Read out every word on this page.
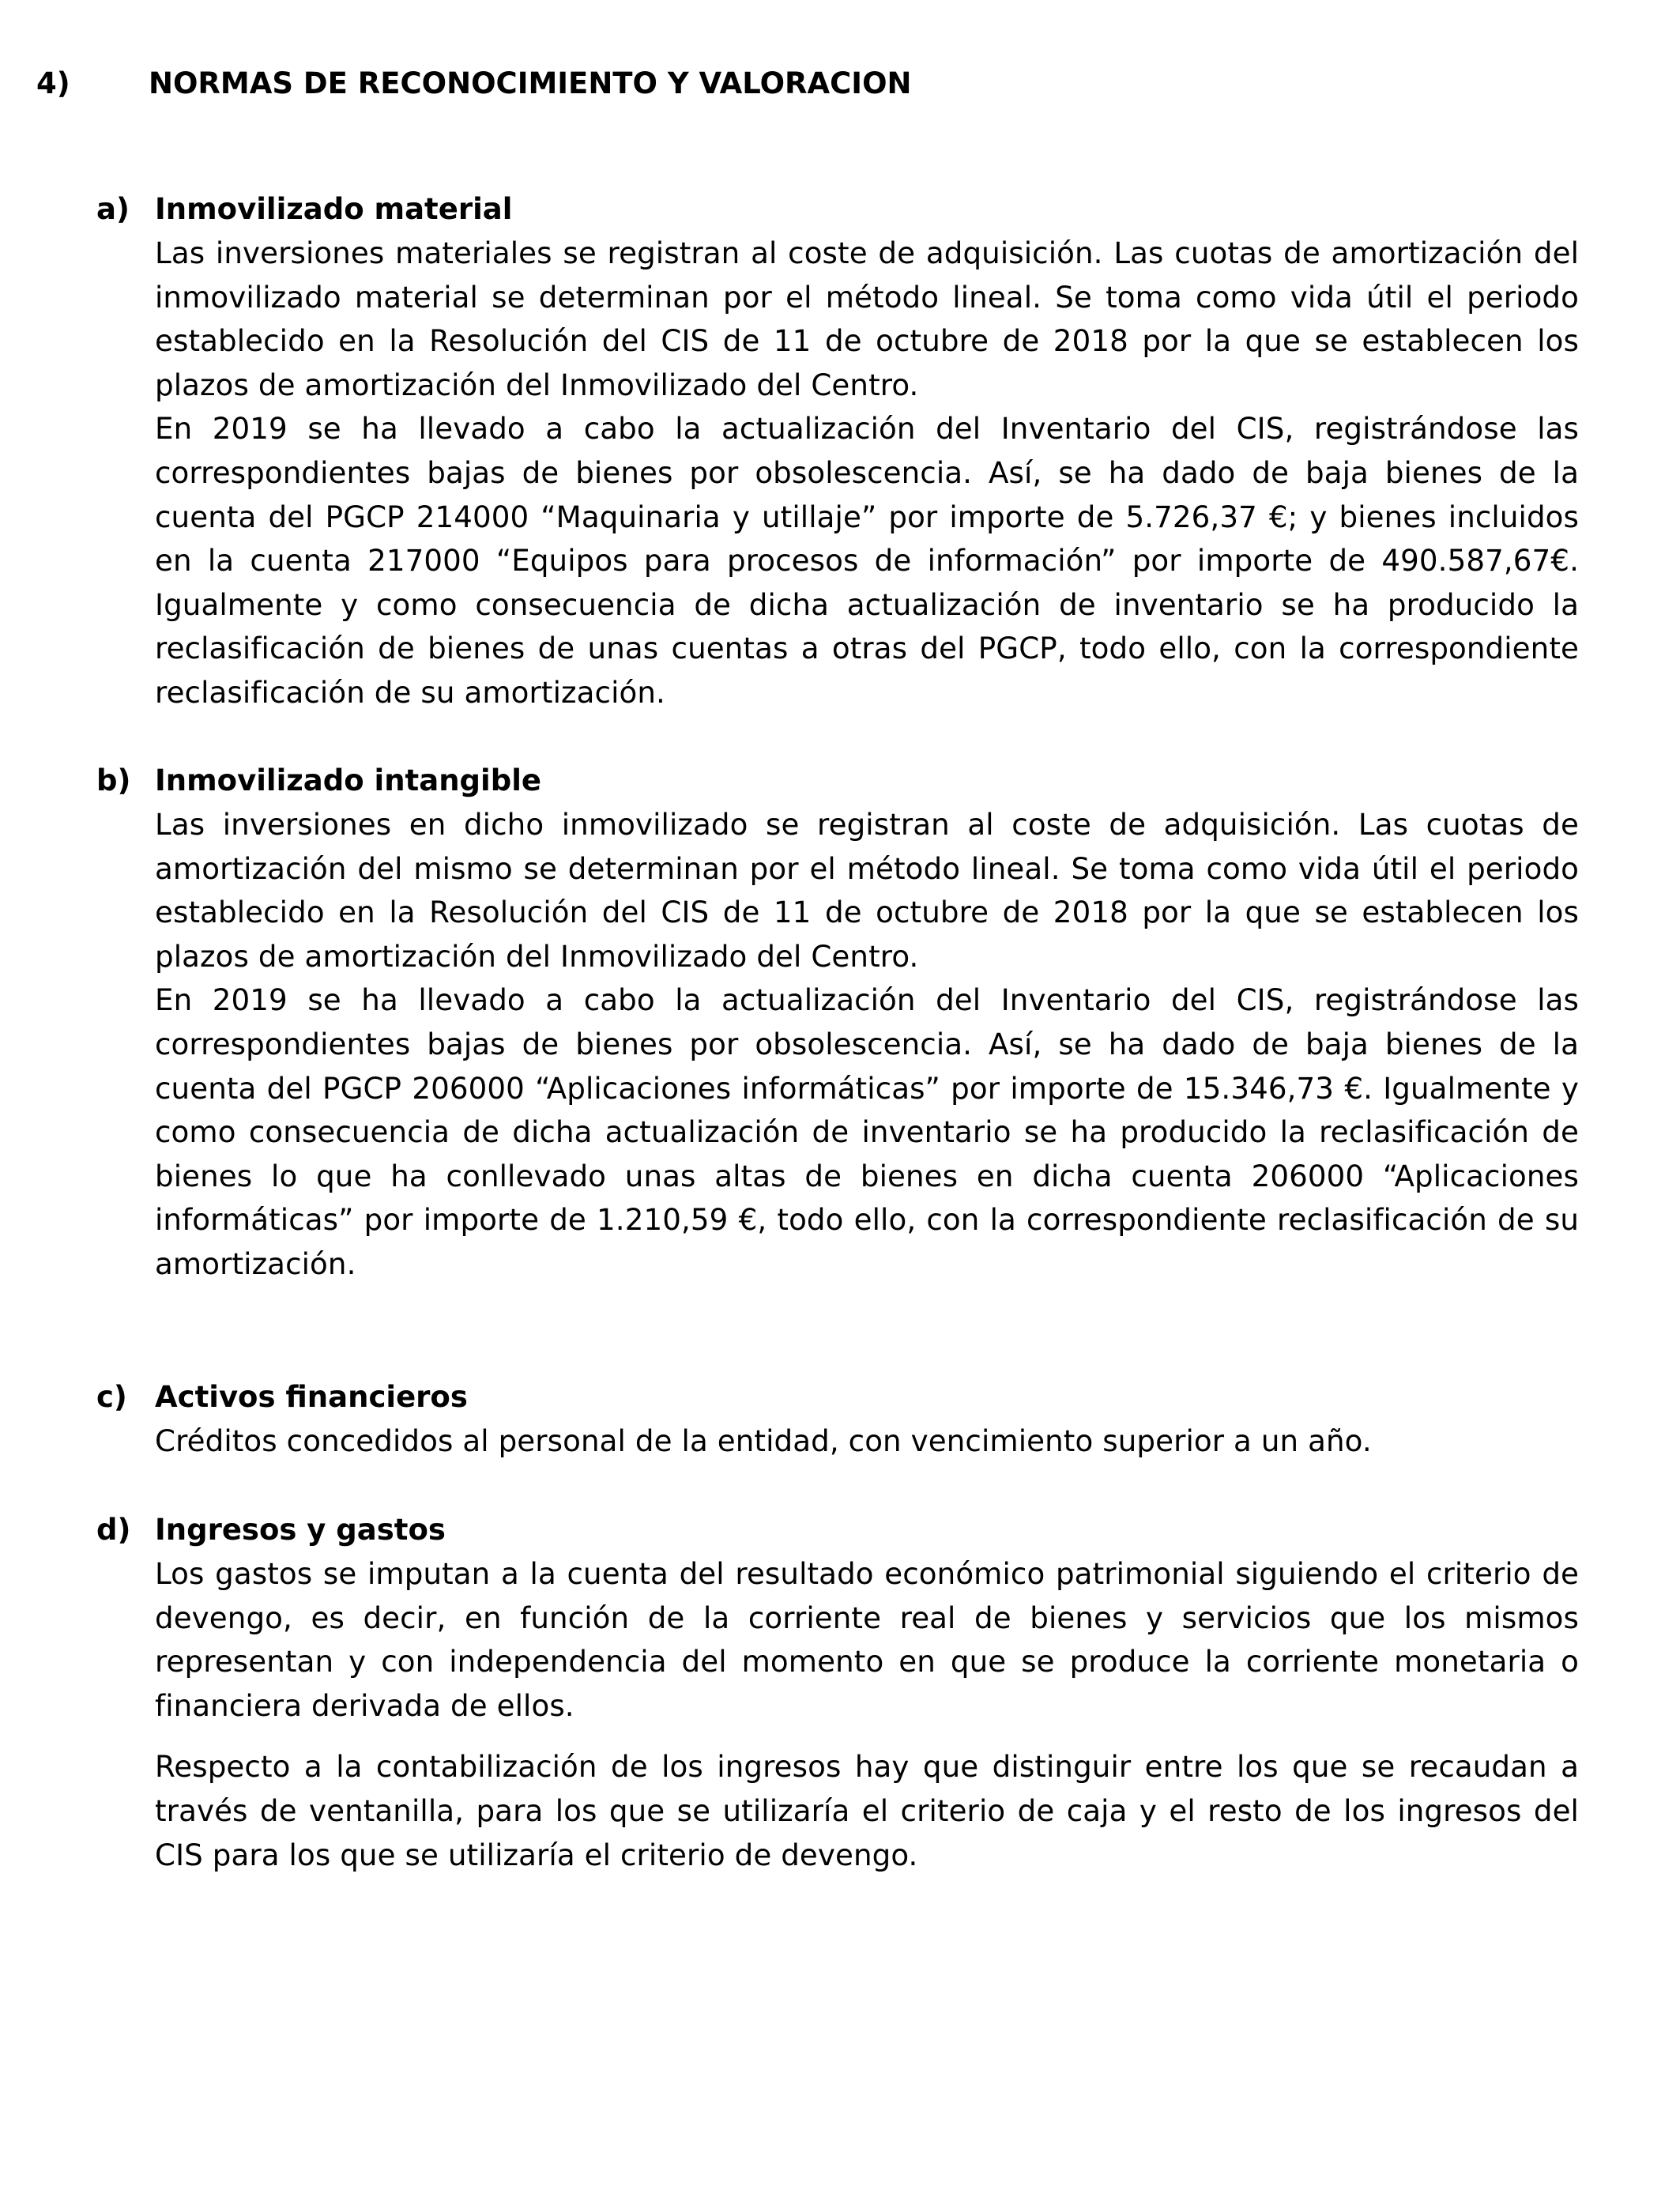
4)	NORMAS DE RECONOCIMIENTO Y VALORACION
a) Inmovilizado material
Las inversiones materiales se registran al coste de adquisición. Las cuotas de amortización del inmovilizado material se determinan por el método lineal. Se toma como vida útil el periodo establecido en la Resolución del CIS de 11 de octubre de 2018 por la que se establecen los plazos de amortización del Inmovilizado del Centro.
En 2019 se ha llevado a cabo la actualización del Inventario del CIS, registrándose las correspondientes bajas de bienes por obsolescencia. Así, se ha dado de baja bienes de la cuenta del PGCP 214000 “Maquinaria y utillaje” por importe de 5.726,37 €; y bienes incluidos en la cuenta 217000 “Equipos para procesos de información” por importe de 490.587,67€. Igualmente y como consecuencia de dicha actualización de inventario se ha producido la reclasificación de bienes de unas cuentas a otras del PGCP, todo ello, con la correspondiente reclasificación de su amortización.
b) Inmovilizado intangible
Las inversiones en dicho inmovilizado se registran al coste de adquisición. Las cuotas de amortización del mismo se determinan por el método lineal. Se toma como vida útil el periodo establecido en la Resolución del CIS de 11 de octubre de 2018 por la que se establecen los plazos de amortización del Inmovilizado del Centro.
En 2019 se ha llevado a cabo la actualización del Inventario del CIS, registrándose las correspondientes bajas de bienes por obsolescencia. Así, se ha dado de baja bienes de la cuenta del PGCP 206000 “Aplicaciones informáticas” por importe de 15.346,73 €. Igualmente y como consecuencia de dicha actualización de inventario se ha producido la reclasificación de bienes lo que ha conllevado unas altas de bienes en dicha cuenta 206000 “Aplicaciones informáticas” por importe de 1.210,59 €, todo ello, con la correspondiente reclasificación de su amortización.
c) Activos financieros
Créditos concedidos al personal de la entidad, con vencimiento superior a un año.
d) Ingresos y gastos
Los gastos se imputan a la cuenta del resultado económico patrimonial siguiendo el criterio de devengo, es decir, en función de la corriente real de bienes y servicios que los mismos representan y con independencia del momento en que se produce la corriente monetaria o financiera derivada de ellos.
Respecto a la contabilización de los ingresos hay que distinguir entre los que se recaudan a través de ventanilla, para los que se utilizaría el criterio de caja y el resto de los ingresos del CIS para los que se utilizaría el criterio de devengo.
